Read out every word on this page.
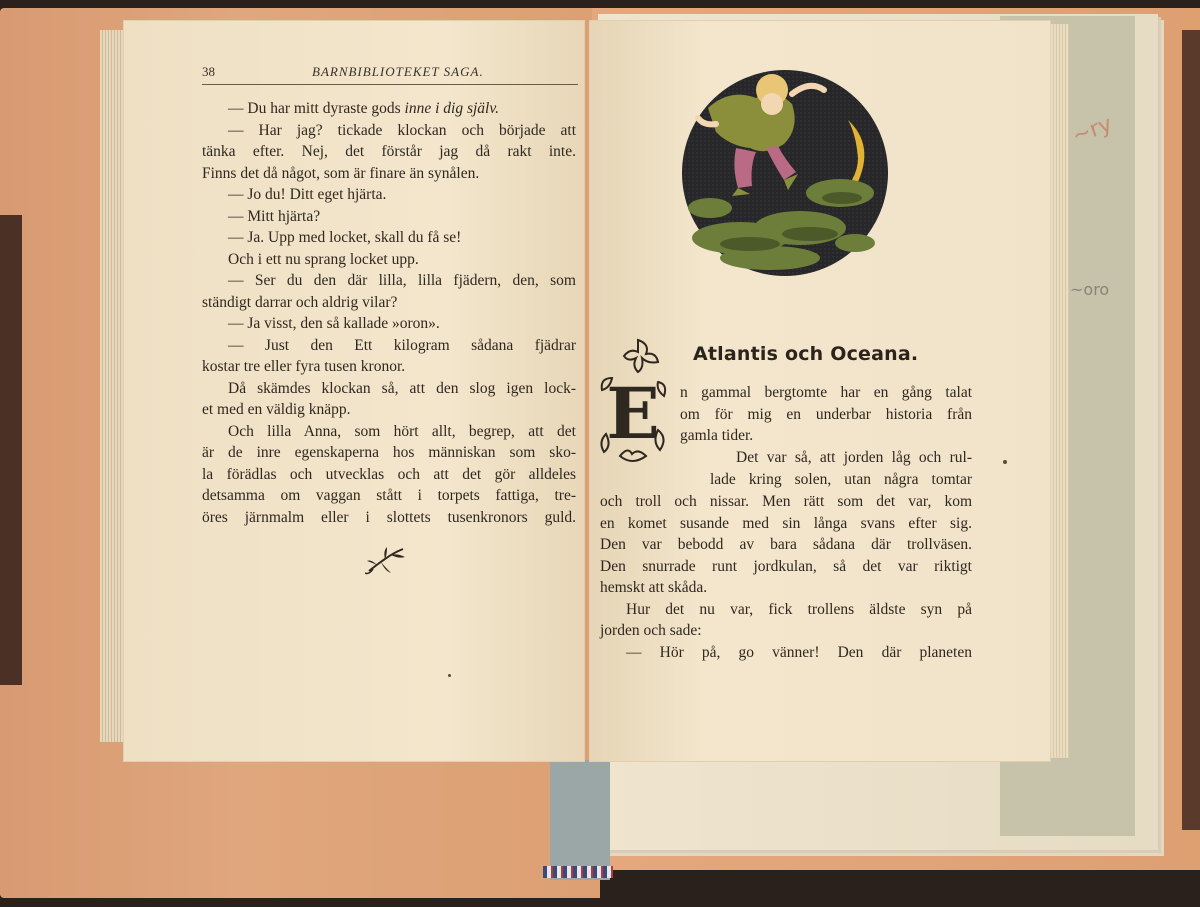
~ry
~oro
38	BARNBIBLIOTEKET SAGA.
— Du har mitt dyraste gods inne i dig själv.
— Har jag? tickade klockan och började att
tänka efter. Nej, det förstår jag då rakt inte.
Finns det då något, som är finare än synålen.
— Jo du! Ditt eget hjärta.
— Mitt hjärta?
— Ja. Upp med locket, skall du få se!
Och i ett nu sprang locket upp.
— Ser du den där lilla, lilla fjädern, den, som
ständigt darrar och aldrig vilar?
— Ja visst, den så kallade »oron».
— Just den Ett kilogram sådana fjädrar
kostar tre eller fyra tusen kronor.
Då skämdes klockan så, att den slog igen lock-
et med en väldig knäpp.
Och lilla Anna, som hört allt, begrep, att det
är de inre egenskaperna hos människan som sko-
la förädlas och utvecklas och att det gör alldeles
detsamma om vaggan stått i torpets fattiga, tre-
öres järnmalm eller i slottets tusenkronors guld.
Atlantis och Oceana.
E n gammal bergtomte har en gång talat
om för mig en underbar historia från
gamla tider.
Det var så, att jorden låg och rul-
lade kring solen, utan några tomtar
och troll och nissar. Men rätt som det var, kom
en komet susande med sin långa svans efter sig.
Den var bebodd av bara sådana där trollväsen.
Den snurrade runt jordkulan, så det var riktigt
hemskt att skåda.
Hur det nu var, fick trollens äldste syn på
jorden och sade:
— Hör på, go vänner! Den där planeten
